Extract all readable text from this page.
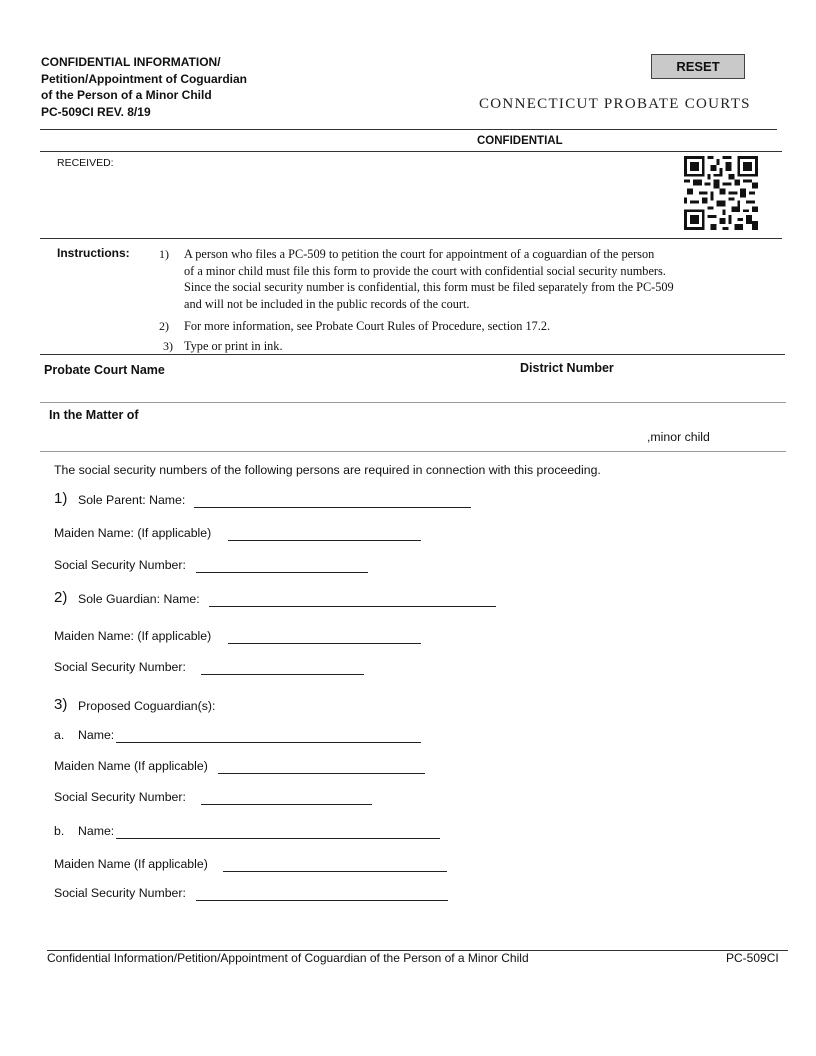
CONFIDENTIAL INFORMATION/
Petition/Appointment of Coguardian
of the Person of a Minor Child
PC-509CI REV. 8/19
RESET
CONNECTICUT PROBATE COURTS
CONFIDENTIAL
RECEIVED:
Instructions: 1) A person who files a PC-509 to petition the court for appointment of a coguardian of the person
of a minor child must file this form to provide the court with confidential social security numbers.
Since the social security number is confidential, this form must be filed separately from the PC-509
and will not be included in the public records of the court.
2) For more information, see Probate Court Rules of Procedure, section 17.2.
3) Type or print in ink.
Probate Court Name	District Number
In the Matter of
,minor child
The social security numbers of the following persons are required in connection with this proceeding.
1) Sole Parent: Name:
Maiden Name: (If applicable)
Social Security Number:
2) Sole Guardian: Name:
Maiden Name: (If applicable)
Social Security Number:
3) Proposed Coguardian(s):
a. Name:
Maiden Name (If applicable)
Social Security Number:
b. Name:
Maiden Name (If applicable)
Social Security Number:
Confidential Information/Petition/Appointment of Coguardian of the Person of a Minor Child	PC-509CI
